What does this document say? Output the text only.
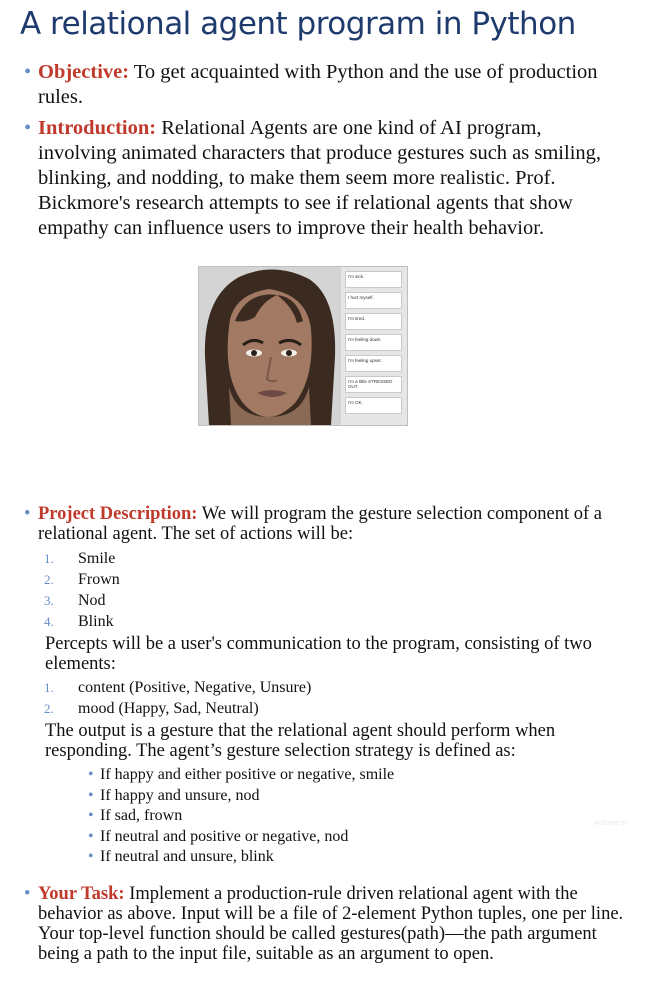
A relational agent program in Python

• Objective: To get acquainted with Python and the use of production rules.

• Introduction: Relational Agents are one kind of AI program, involving animated characters that produce gestures such as smiling, blinking, and nodding, to make them seem more realistic. Prof. Bickmore's research attempts to see if relational agents that show empathy can influence users to improve their health behavior.

I'm sick.
I hurt myself.
I'm tired.
I'm feeling down.
I'm feeling upset.
I'm a little STRESSED OUT.
I'm OK.

• Project Description: We will program the gesture selection component of a relational agent. The set of actions will be:

1. Smile
2. Frown
3. Nod
4. Blink

Percepts will be a user's communication to the program, consisting of two elements:

1. content (Positive, Negative, Unsure)
2. mood (Happy, Sad, Neutral)

The output is a gesture that the relational agent should perform when responding. The agent’s gesture selection strategy is defined as:

• If happy and either positive or negative, smile
• If happy and unsure, nod
• If sad, frown
• If neutral and positive or negative, nod
• If neutral and unsure, blink
Activate W

• Your Task: Implement a production-rule driven relational agent with the behavior as above. Input will be a file of 2-element Python tuples, one per line. Your top-level function should be called gestures(path)—the path argument being a path to the input file, suitable as an argument to open.
